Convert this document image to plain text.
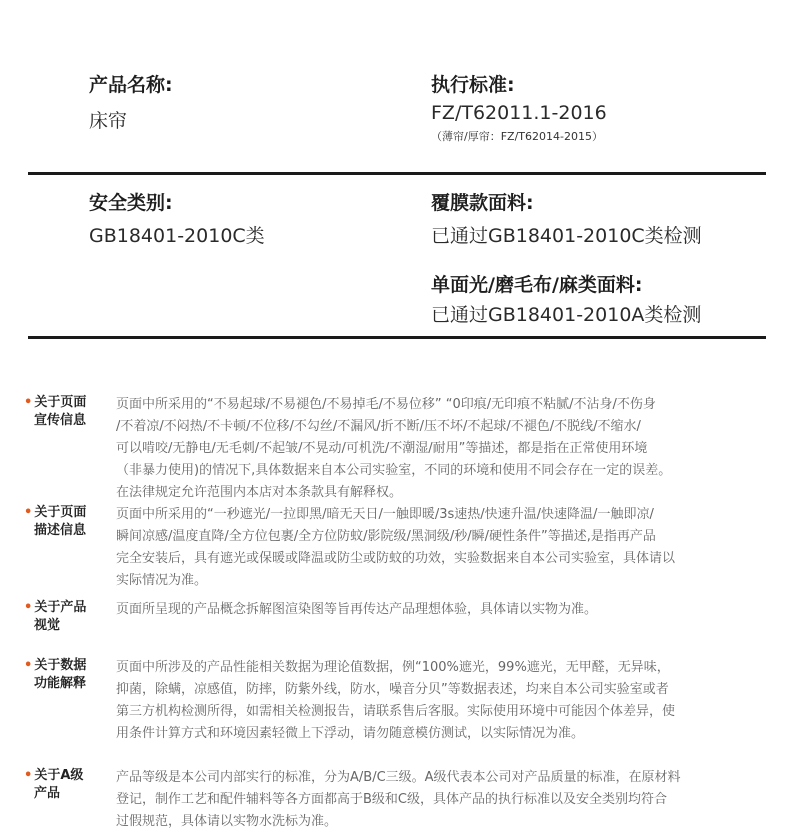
产品名称:
床帘
执行标准:
FZ/T62011.1-2016
（薄帘/厚帘：FZ/T62014-2015）
安全类别:
GB18401-2010C类
覆膜款面料:
已通过GB18401-2010C类检测
单面光/磨毛布/麻类面料:
已通过GB18401-2010A类检测
• 关于页面
宣传信息
页面中所采用的“不易起球/不易褪色/不易掉毛/不易位移” “0印痕/无印痕不粘腻/不沾身/不伤身
/不着凉/不闷热/不卡顿/不位移/不勾丝/不漏风/折不断/压不坏/不起球/不褪色/不脱线/不缩水/
可以啃咬/无静电/无毛刺/不起皱/不晃动/可机洗/不潮湿/耐用”等描述，都是指在正常使用环境
（非暴力使用)的情况下,具体数据来自本公司实验室，不同的环境和使用不同会存在一定的误差。
在法律规定允许范围内本店对本条款具有解释权。
• 关于页面
描述信息
页面中所采用的“一秒遮光/一拉即黑/暗无天日/一触即暖/3s速热/快速升温/快速降温/一触即凉/
瞬间凉感/温度直降/全方位包裹/全方位防蚊/影院级/黑洞级/秒/瞬/硬性条件”等描述,是指再产品
完全安装后，具有遮光或保暖或降温或防尘或防蚊的功效，实验数据来自本公司实验室，具体请以
实际情况为准。
• 关于产品
视觉
页面所呈现的产品概念拆解图渲染图等旨再传达产品理想体验，具体请以实物为准。
• 关于数据
功能解释
页面中所涉及的产品性能相关数据为理论值数据，例“100%遮光，99%遮光，无甲醛，无异味，
抑菌，除螨，凉感值，防摔，防紫外线，防水，噪音分贝”等数据表述，均来自本公司实验室或者
第三方机构检测所得，如需相关检测报告，请联系售后客服。实际使用环境中可能因个体差异，使
用条件计算方式和环境因素轻微上下浮动，请勿随意模仿测试，以实际情况为准。
• 关于A级
产品
产品等级是本公司内部实行的标准，分为A/B/C三级。A级代表本公司对产品质量的标准，在原材料
登记，制作工艺和配件辅料等各方面都高于B级和C级，具体产品的执行标准以及安全类别均符合
过假规范，具体请以实物水洗标为准。
